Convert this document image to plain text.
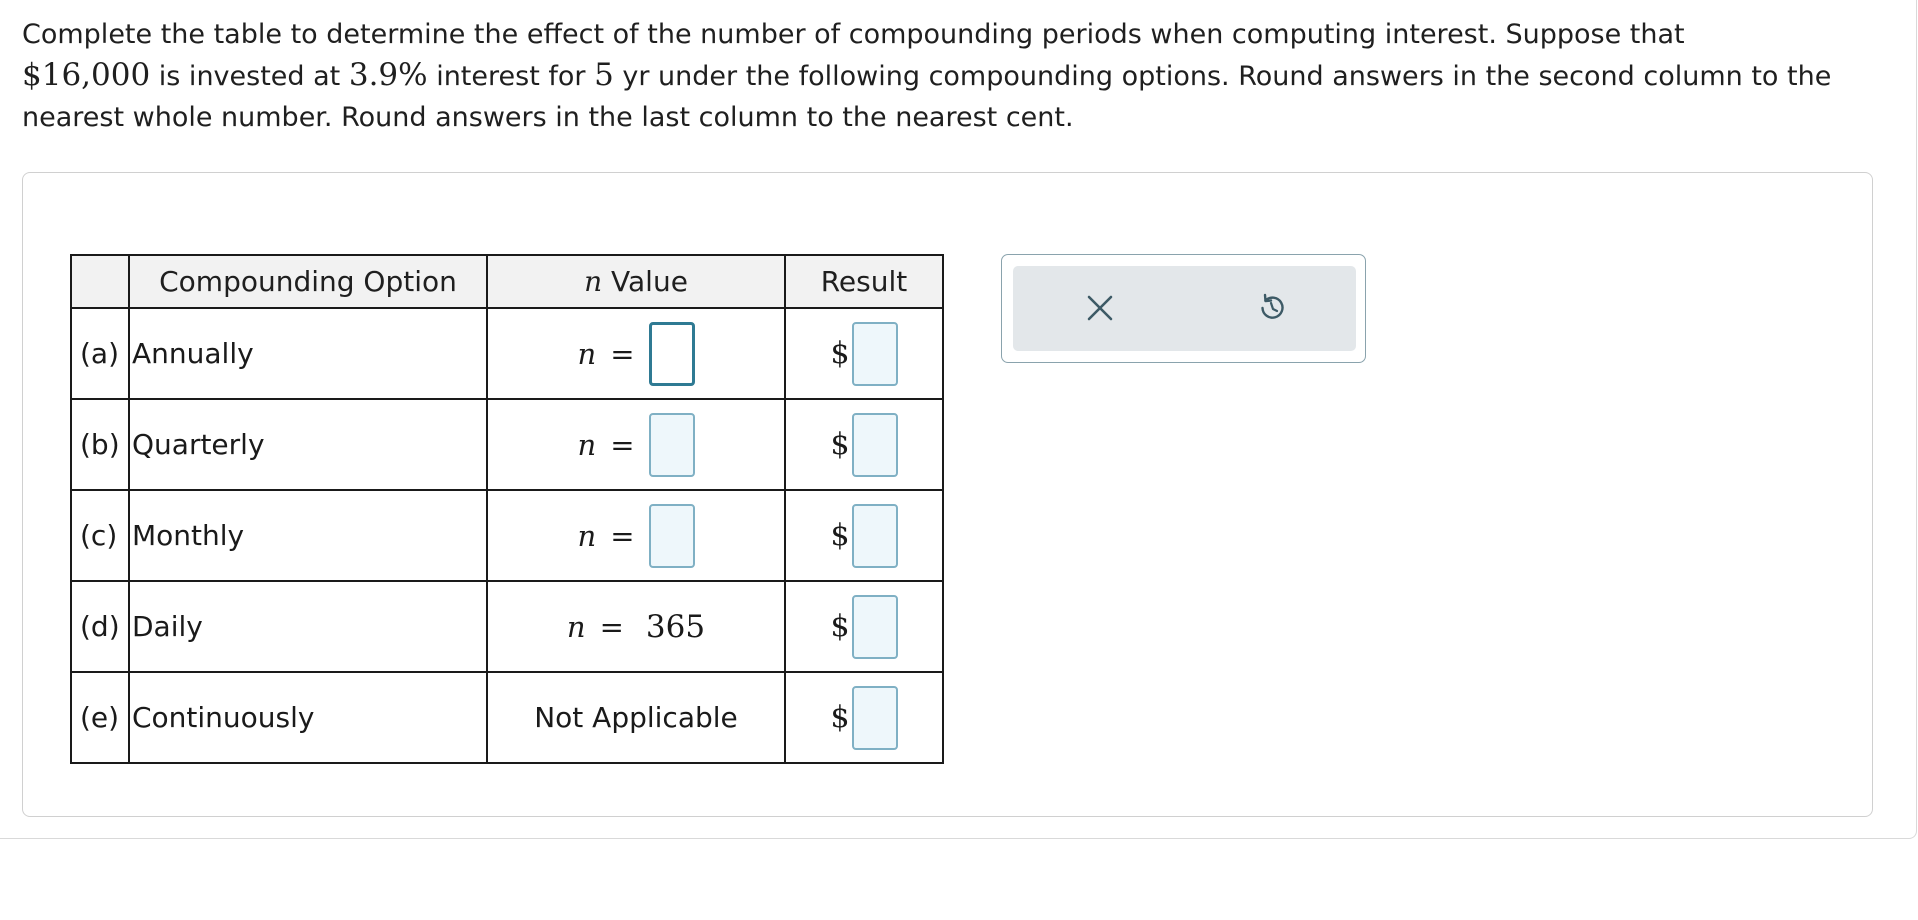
Complete the table to determine the effect of the number of compounding periods when computing interest. Suppose that
$16,000 is invested at 3.9% interest for 5 yr under the following compounding options. Round answers in the second column to the nearest whole number. Round answers in the last column to the nearest cent.
	Compounding Option	n Value	Result
(a)	Annually	n =	$

(b)	Quarterly	n =	$

(c)	Monthly	n =	$

(d)	Daily	n = 365	$

(e)	Continuously	Not Applicable	$
